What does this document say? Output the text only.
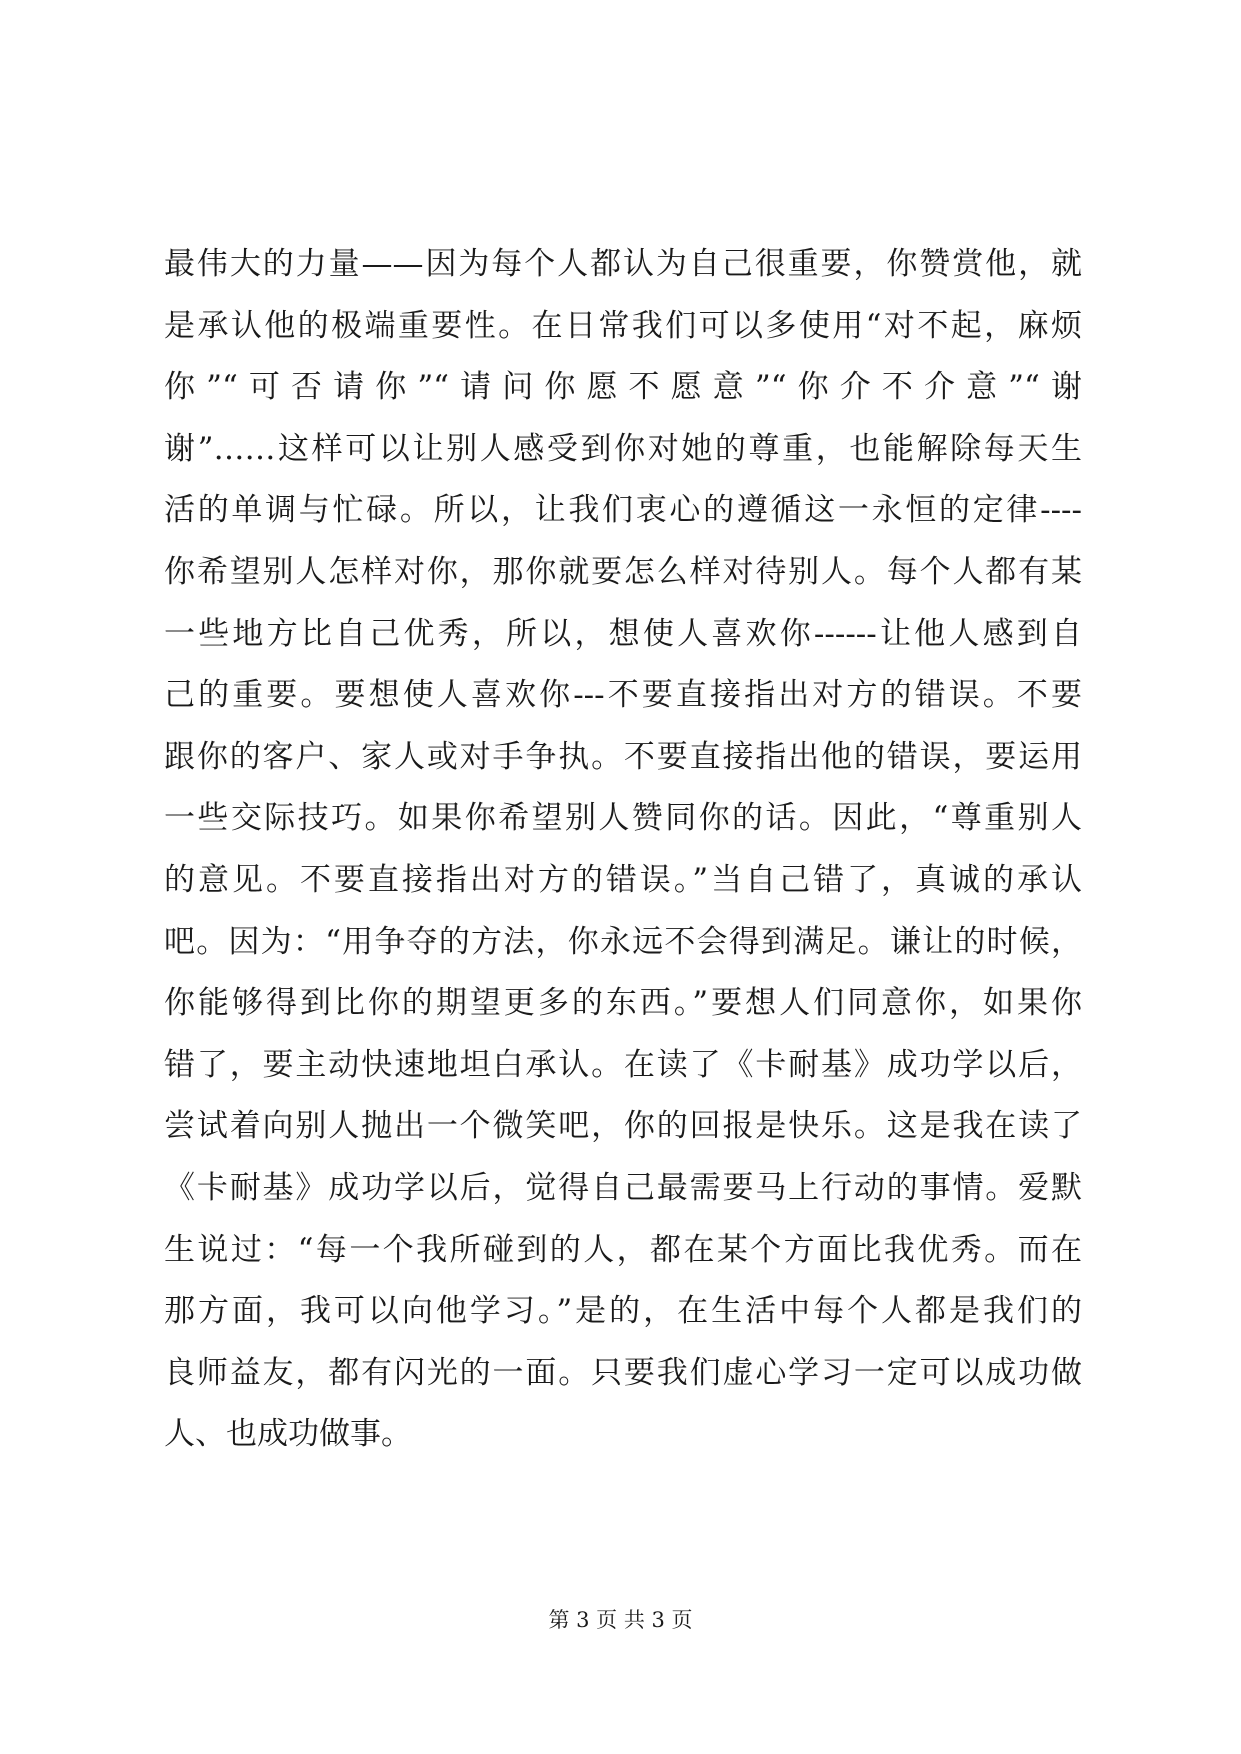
最伟大的力量——因为每个人都认为自己很重要，你赞赏他，就
是承认他的极端重要性。在日常我们可以多使用“对不起，麻烦
你”“可否请你”“请问你愿不愿意”“你介不介意”“谢
谢”……这样可以让别人感受到你对她的尊重，也能解除每天生
活的单调与忙碌。所以，让我们衷心的遵循这一永恒的定律----
你希望别人怎样对你，那你就要怎么样对待别人。每个人都有某
一些地方比自己优秀，所以，想使人喜欢你------让他人感到自
己的重要。要想使人喜欢你---不要直接指出对方的错误。不要
跟你的客户、家人或对手争执。不要直接指出他的错误，要运用
一些交际技巧。如果你希望别人赞同你的话。因此，“尊重别人
的意见。不要直接指出对方的错误。”当自己错了，真诚的承认
吧。因为：“用争夺的方法，你永远不会得到满足。谦让的时候，
你能够得到比你的期望更多的东西。”要想人们同意你，如果你
错了，要主动快速地坦白承认。在读了《卡耐基》成功学以后，
尝试着向别人抛出一个微笑吧，你的回报是快乐。这是我在读了
《卡耐基》成功学以后，觉得自己最需要马上行动的事情。爱默
生说过：“每一个我所碰到的人，都在某个方面比我优秀。而在
那方面，我可以向他学习。”是的，在生活中每个人都是我们的
良师益友，都有闪光的一面。只要我们虚心学习一定可以成功做
人、也成功做事。
第 3 页 共 3 页
